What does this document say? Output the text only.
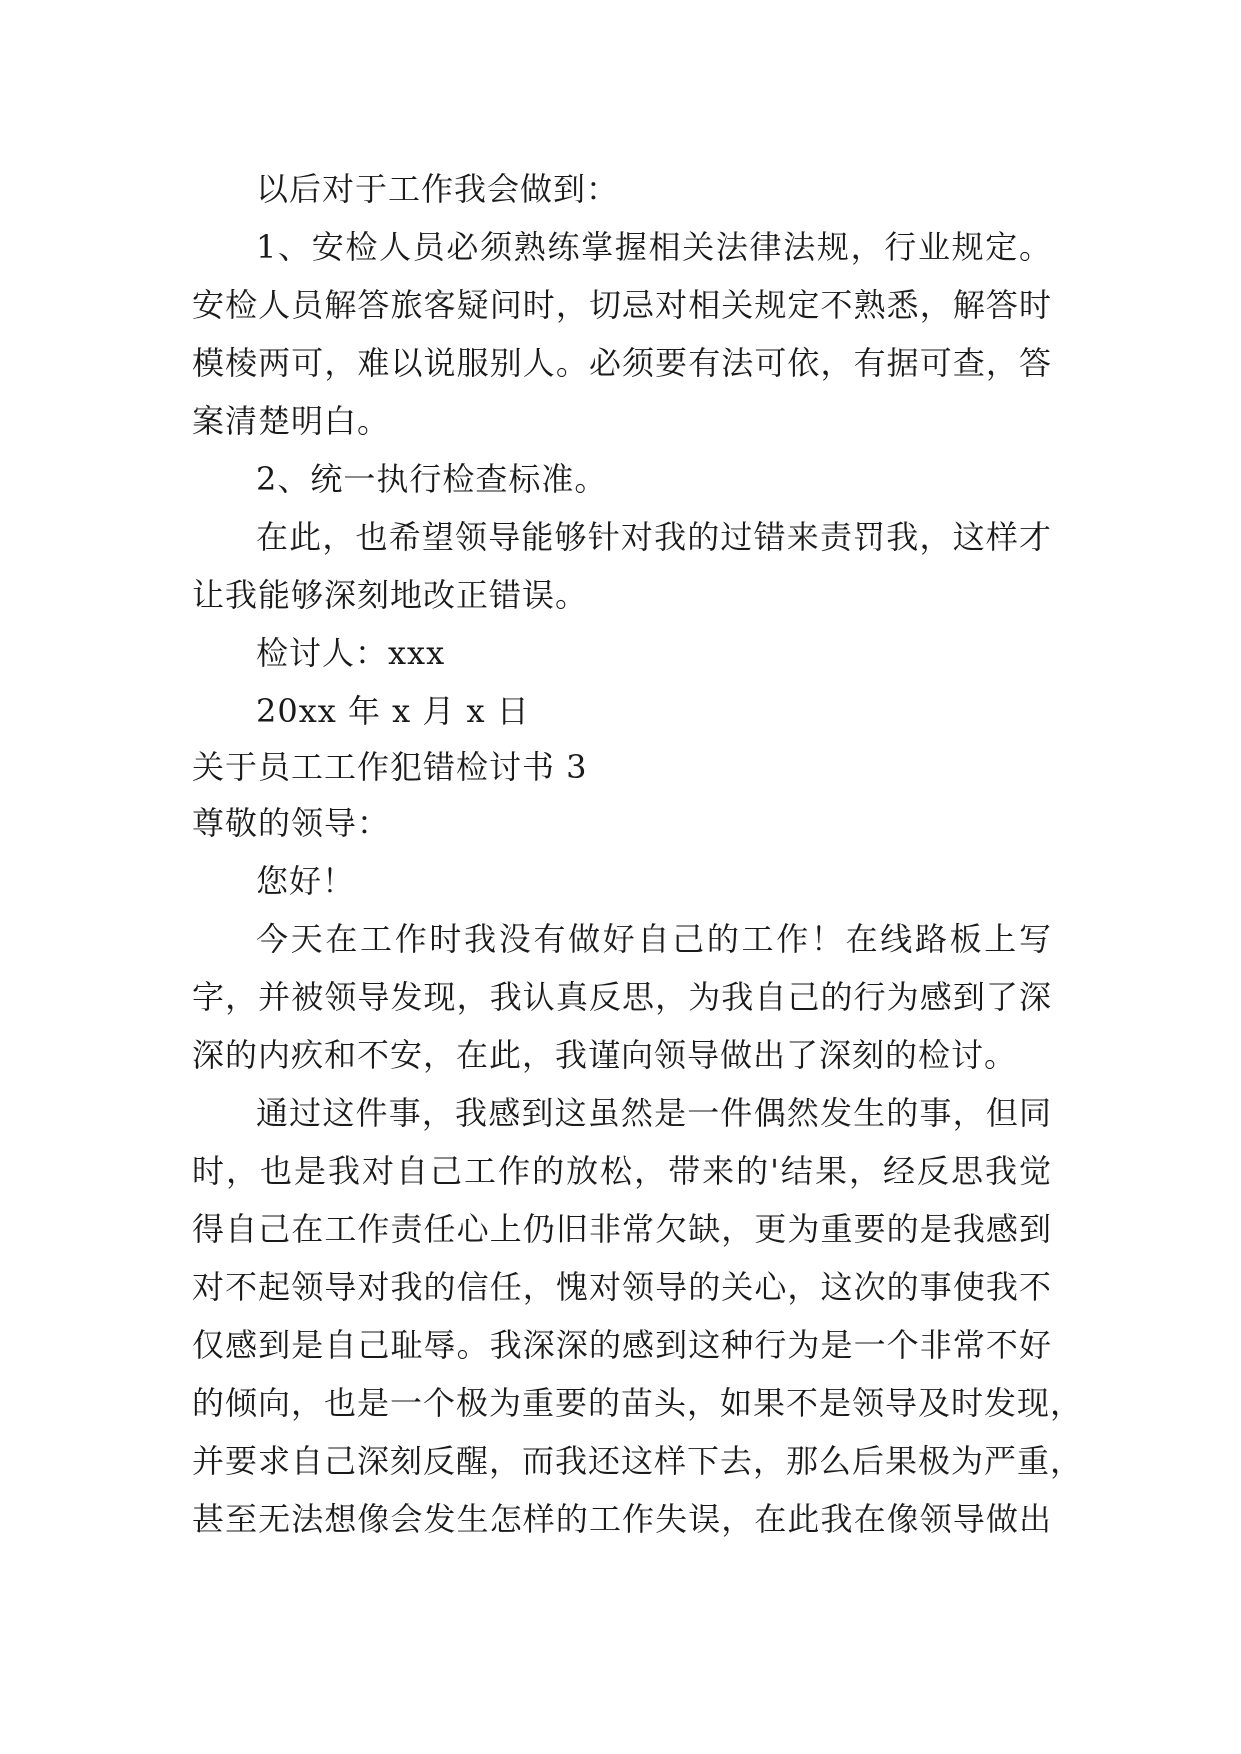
以后对于工作我会做到：
1、安检人员必须熟练掌握相关法律法规，行业规定。
安检人员解答旅客疑问时，切忌对相关规定不熟悉，解答时
模棱两可，难以说服别人。必须要有法可依，有据可查，答
案清楚明白。
2、统一执行检查标准。
在此，也希望领导能够针对我的过错来责罚我，这样才
让我能够深刻地改正错误。
检讨人：xxx
20xx 年 x 月 x 日
关于员工工作犯错检讨书 3
尊敬的领导：
您好！
今天在工作时我没有做好自己的工作！在线路板上写
字，并被领导发现，我认真反思，为我自己的行为感到了深
深的内疚和不安，在此，我谨向领导做出了深刻的检讨。
通过这件事，我感到这虽然是一件偶然发生的事，但同
时，也是我对自己工作的放松，带来的'结果，经反思我觉
得自己在工作责任心上仍旧非常欠缺，更为重要的是我感到
对不起领导对我的信任，愧对领导的关心，这次的事使我不
仅感到是自己耻辱。我深深的感到这种行为是一个非常不好
的倾向，也是一个极为重要的苗头，如果不是领导及时发现，
并要求自己深刻反醒，而我还这样下去，那么后果极为严重，
甚至无法想像会发生怎样的工作失误，在此我在像领导做出
